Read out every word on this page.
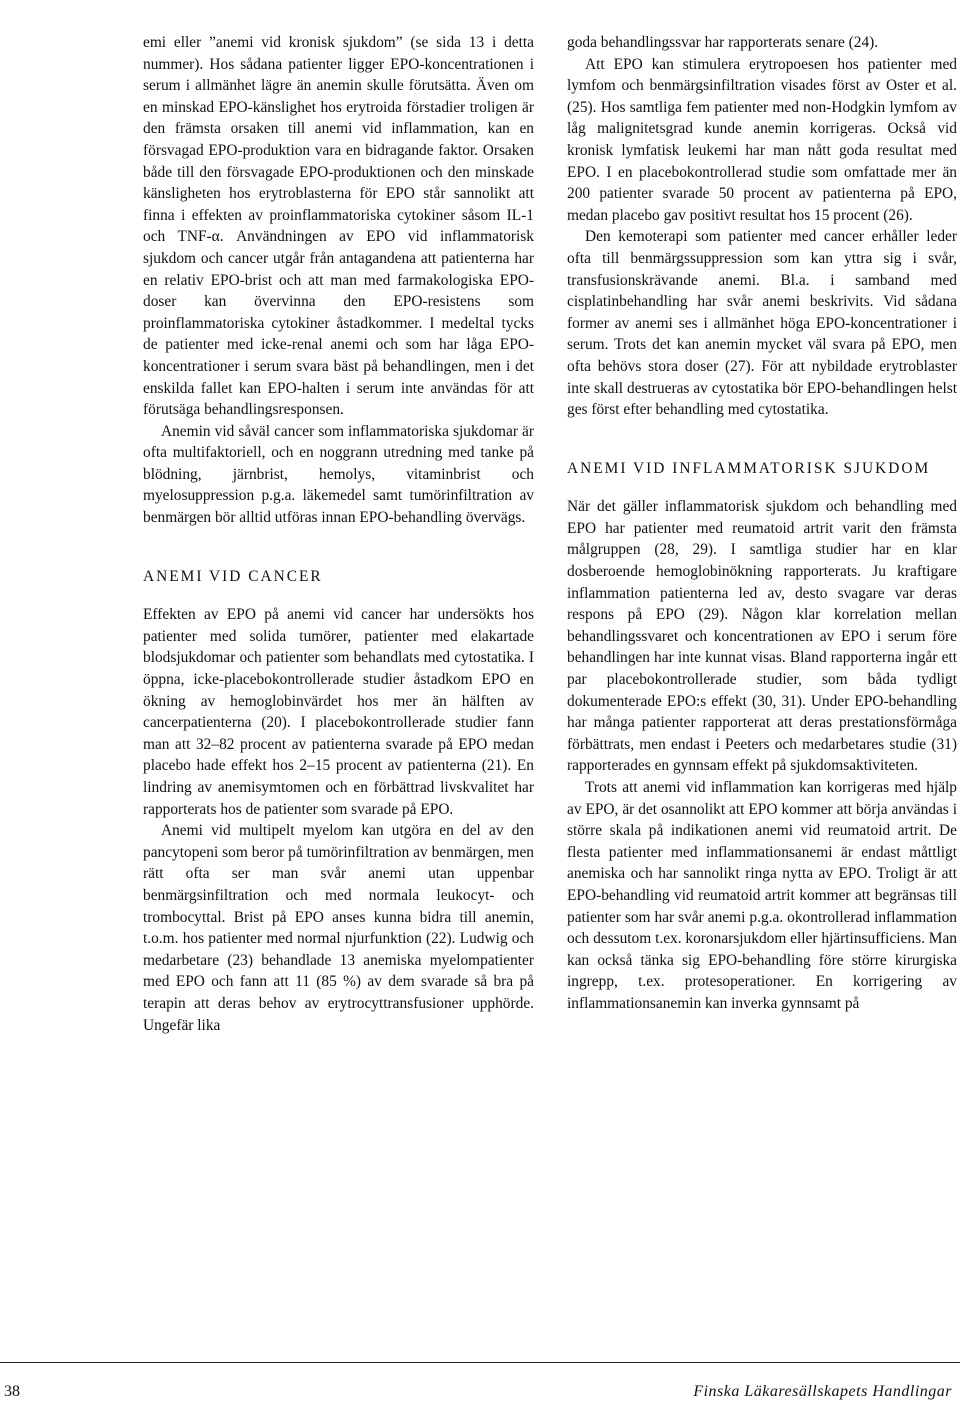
emi eller ”anemi vid kronisk sjukdom” (se sida 13 i detta nummer). Hos sådana patienter ligger EPO-koncentrationen i serum i allmänhet lägre än anemin skulle förutsätta. Även om en minskad EPO-känslighet hos erytroida förstadier troligen är den främsta orsaken till anemi vid inflammation, kan en försvagad EPO-produktion vara en bidragande faktor. Orsaken både till den försvagade EPO-produktionen och den minskade känsligheten hos erytroblasterna för EPO står sannolikt att finna i effekten av proinflammatoriska cytokiner såsom IL-1 och TNF-α. Användningen av EPO vid inflammatorisk sjukdom och cancer utgår från antagandena att patienterna har en relativ EPO-brist och att man med farmakologiska EPO-doser kan övervinna den EPO-resistens som proinflammatoriska cytokiner åstadkommer. I medeltal tycks de patienter med icke-renal anemi och som har låga EPO-koncentrationer i serum svara bäst på behandlingen, men i det enskilda fallet kan EPO-halten i serum inte användas för att förutsäga behandlingsresponsen.

Anemin vid såväl cancer som inflammatoriska sjukdomar är ofta multifaktoriell, och en noggrann utredning med tanke på blödning, järnbrist, hemolys, vitaminbrist och myelosuppression p.g.a. läkemedel samt tumörinfiltration av benmärgen bör alltid utföras innan EPO-behandling övervägs.

ANEMI VID CANCER

Effekten av EPO på anemi vid cancer har undersökts hos patienter med solida tumörer, patienter med elakartade blodsjukdomar och patienter som behandlats med cytostatika. I öppna, icke-placebokontrollerade studier åstadkom EPO en ökning av hemoglobinvärdet hos mer än hälften av cancerpatienterna (20). I placebokontrollerade studier fann man att 32–82 procent av patienterna svarade på EPO medan placebo hade effekt hos 2–15 procent av patienterna (21). En lindring av anemisymtomen och en förbättrad livskvalitet har rapporterats hos de patienter som svarade på EPO.

Anemi vid multipelt myelom kan utgöra en del av den pancytopeni som beror på tumörinfiltration av benmärgen, men rätt ofta ser man svår anemi utan uppenbar benmärgsinfiltration och med normala leukocyt- och trombocyttal. Brist på EPO anses kunna bidra till anemin, t.o.m. hos patienter med normal njurfunktion (22). Ludwig och medarbetare (23) behandlade 13 anemiska myelompatienter med EPO och fann att 11 (85 %) av dem svarade så bra på terapin att deras behov av erytrocyttransfusioner upphörde. Ungefär lika

goda behandlingssvar har rapporterats senare (24).

Att EPO kan stimulera erytropoesen hos patienter med lymfom och benmärgsinfiltration visades först av Oster et al. (25). Hos samtliga fem patienter med non-Hodgkin lymfom av låg malignitetsgrad kunde anemin korrigeras. Också vid kronisk lymfatisk leukemi har man nått goda resultat med EPO. I en placebokontrollerad studie som omfattade mer än 200 patienter svarade 50 procent av patienterna på EPO, medan placebo gav positivt resultat hos 15 procent (26).

Den kemoterapi som patienter med cancer erhåller leder ofta till benmärgssuppression som kan yttra sig i svår, transfusionskrävande anemi. Bl.a. i samband med cisplatinbehandling har svår anemi beskrivits. Vid sådana former av anemi ses i allmänhet höga EPO-koncentrationer i serum. Trots det kan anemin mycket väl svara på EPO, men ofta behövs stora doser (27). För att nybildade erytroblaster inte skall destrueras av cytostatika bör EPO-behandlingen helst ges först efter behandling med cytostatika.

ANEMI VID INFLAMMATORISK SJUKDOM

När det gäller inflammatorisk sjukdom och behandling med EPO har patienter med reumatoid artrit varit den främsta målgruppen (28, 29). I samtliga studier har en klar dosberoende hemoglobinökning rapporterats. Ju kraftigare inflammation patienterna led av, desto svagare var deras respons på EPO (29). Någon klar korrelation mellan behandlingssvaret och koncentrationen av EPO i serum före behandlingen har inte kunnat visas. Bland rapporterna ingår ett par placebokontrollerade studier, som båda tydligt dokumenterade EPO:s effekt (30, 31). Under EPO-behandling har många patienter rapporterat att deras prestationsförmåga förbättrats, men endast i Peeters och medarbetares studie (31) rapporterades en gynnsam effekt på sjukdomsaktiviteten.

Trots att anemi vid inflammation kan korrigeras med hjälp av EPO, är det osannolikt att EPO kommer att börja användas i större skala på indikationen anemi vid reumatoid artrit. De flesta patienter med inflammationsanemi är endast måttligt anemiska och har sannolikt ringa nytta av EPO. Troligt är att EPO-behandling vid reumatoid artrit kommer att begränsas till patienter som har svår anemi p.g.a. okontrollerad inflammation och dessutom t.ex. koronarsjukdom eller hjärtinsufficiens. Man kan också tänka sig EPO-behandling före större kirurgiska ingrepp, t.ex. protesoperationer. En korrigering av inflammationsanemin kan inverka gynnsamt på

38	Finska Läkaresällskapets Handlingar
